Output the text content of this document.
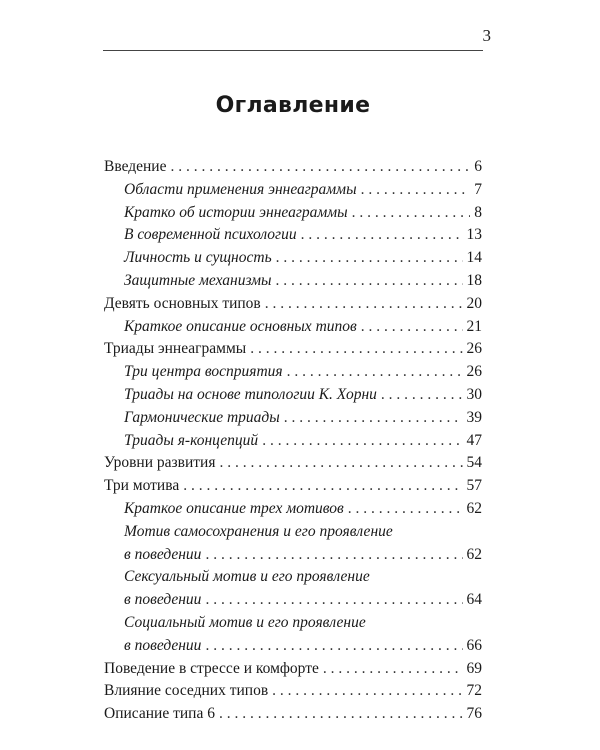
3
Оглавление
Введение . . .	6
Области применения эннеаграммы . . .	7
Кратко об истории эннеаграммы . . .	8
В современной психологии . . .	13
Личность и сущность . . .	14
Защитные механизмы . . .	18
Девять основных типов . . .	20
Краткое описание основных типов . . .	21
Триады эннеаграммы . . .	26
Три центра восприятия . . .	26
Триады на основе типологии К. Хорни . . .	30
Гармонические триады . . .	39
Триады я-концепций . . .	47
Уровни развития . . .	54
Три мотива . . .	57
Краткое описание трех мотивов . . .	62
Мотив самосохранения и его проявление
в поведении . . .	62
Сексуальный мотив и его проявление
в поведении . . .	64
Социальный мотив и его проявление
в поведении . . .	66
Поведение в стрессе и комфорте . . .	69
Влияние соседних типов . . .	72
Описание типа 6 . . .	76
